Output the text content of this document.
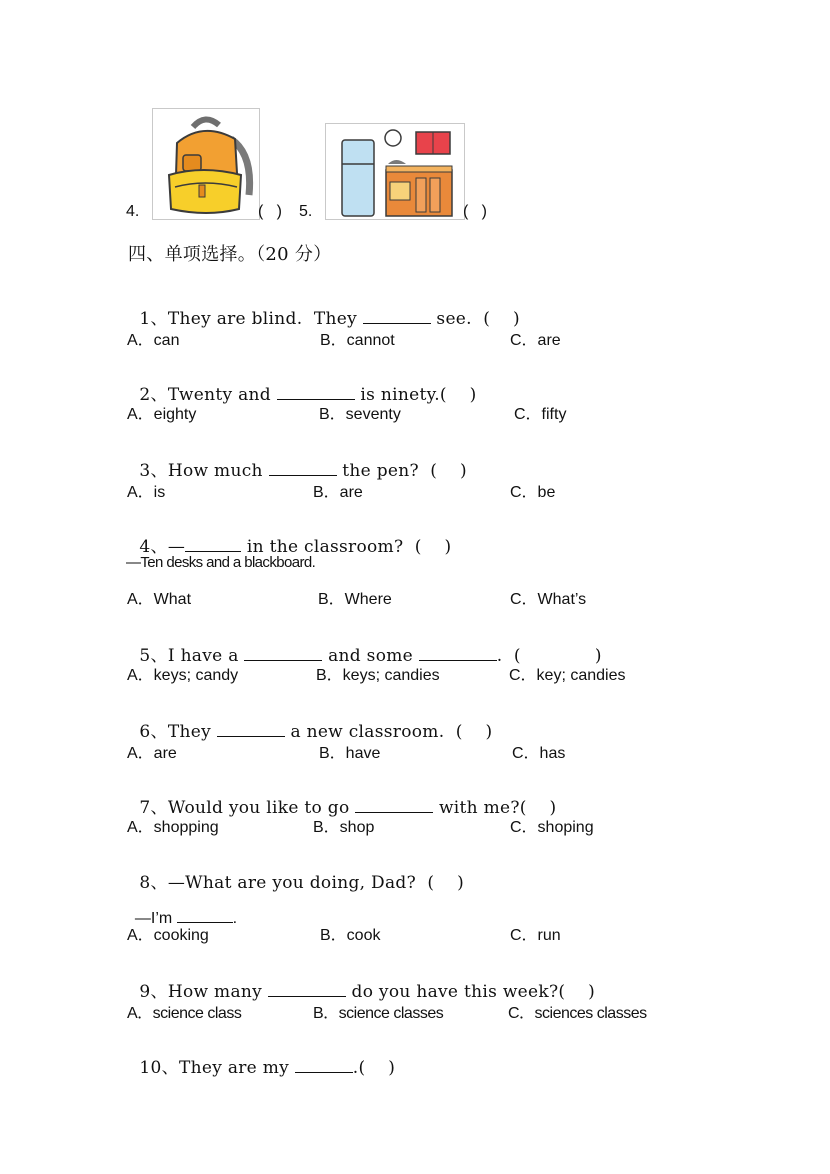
4.	(   ) 5.	(   )
四、单项选择。（20 分）

1、They are blind.  They	see.  (    )

A．can	B．cannot	C．are

2、Twenty and	is ninety.(    )

A．eighty	B．seventy	C．fifty

3、How much	the pen?  (    )

A．is	B．are	C．be

4、—	in the classroom?  (    )

—Ten desks and a blackboard.
A．What	B．Where	C．What’s

5、I have a	and some	.  (             )

A．keys; candy	B．keys; candies	C．key; candies

6、They	a new classroom.  (    )

A．are	B．have	C．has

7、Would you like to go	with me?(    )

A．shopping	B．shop	C．shoping

8、—What are you doing, Dad?  (    )

—I’m	.

A．cooking	B．cook	C．run

9、How many	do you have this week?(    )

A．science class	B．science classes	C．sciences classes

10、They are my	.(    )
